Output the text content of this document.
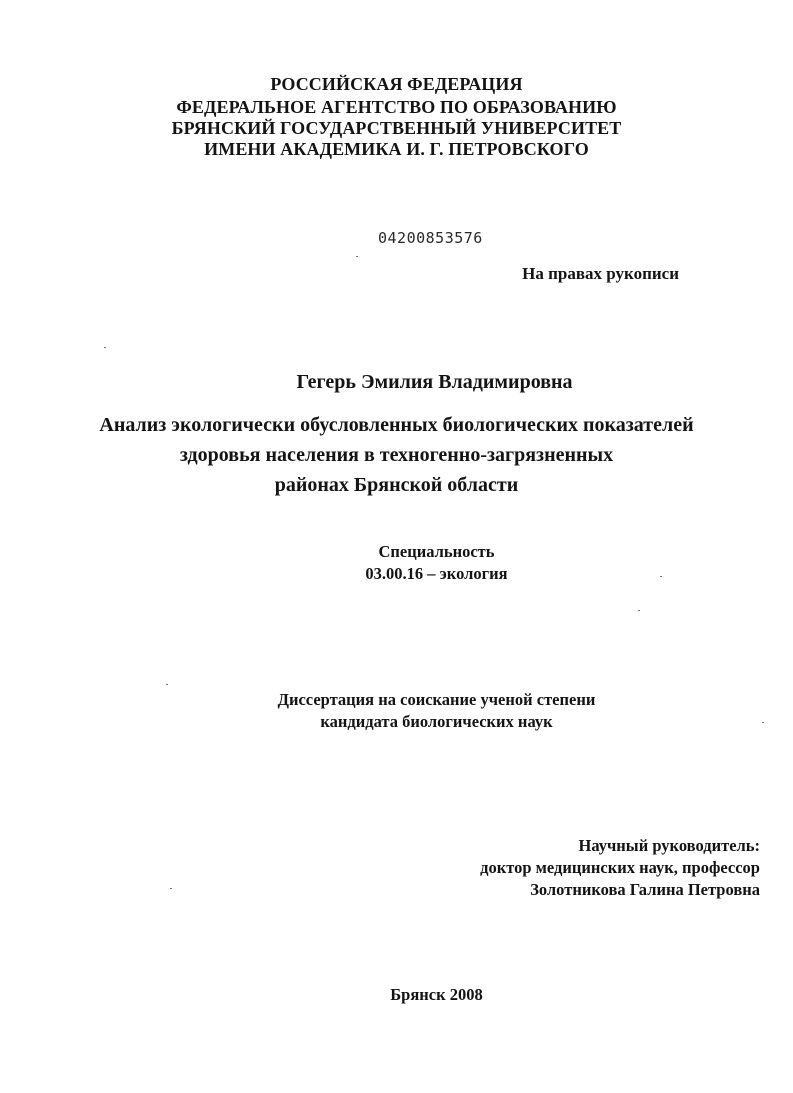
РОССИЙСКАЯ ФЕДЕРАЦИЯ
ФЕДЕРАЛЬНОЕ АГЕНТСТВО ПО ОБРАЗОВАНИЮ
БРЯНСКИЙ ГОСУДАРСТВЕННЫЙ УНИВЕРСИТЕТ
ИМЕНИ АКАДЕМИКА И. Г. ПЕТРОВСКОГО
04200853576
На правах рукописи
Гегерь Эмилия Владимировна
Анализ экологически обусловленных биологических показателей
здоровья населения в техногенно-загрязненных
районах Брянской области
Специальность
03.00.16 – экология
Диссертация на соискание ученой степени
кандидата биологических наук
Научный руководитель:
доктор медицинских наук, профессор
Золотникова Галина Петровна
Брянск 2008
